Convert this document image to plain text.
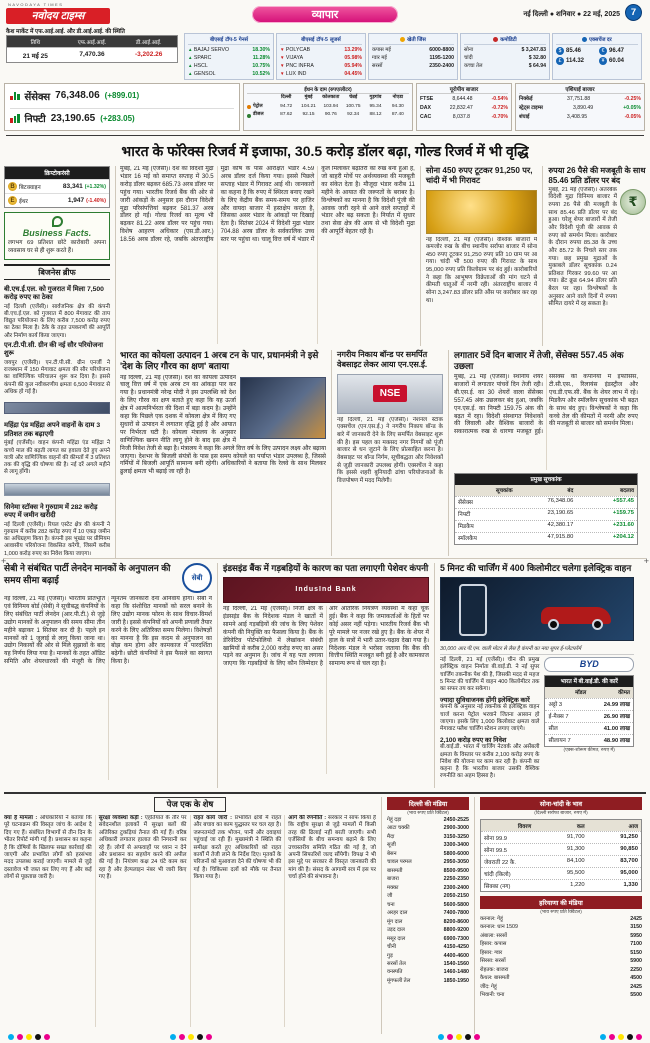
NAVODAYA TIMES
नवोदय टाइम्स
कैश मार्केट में एफ.आई.आई. और डी.आई.आई. की स्थिति
तिथि	एफ.आई.आई.	डी.आई.आई.
21 मई 25	7,470.36	-3,202.26
व्यापार	नई दिल्ली ● शनिवार ● 22 मई, 2025	7
बीएसई टॉप-5 गेनर्स
▲ BAJAJ SERVO	18.30%
▲ SPARC	11.28%
▲ HSCL	10.75%
▲ GENSOL	10.52%
बीएसई टॉप-5 लूजर्स
▼ POLYCAB	13.29%
▼ VIJAYA	05.98%
▼ PNC INFRA	05.94%
▼ LUX IND	04.45%
खेती जिंस
कपास मई	6000-8800
ग्वार मई	1195-1200
सरसों	2350-2400
कमोडिटी
सोना	$ 3,247.83
चांदी	$ 32.80
कच्चा तेल	$ 64.94
एक्सचेंज दर
$ 85.46	€ 96.47
£ 114.32	¥ 60.04
सेंसेक्स 76,348.06 (+899.01)
निफ्टी 23,190.65 (+283.05)
ईंधन के दाम (रुपए/लीटर)
दिल्ली	मुंबई	कोलकाता	चेन्नई	गुड़गांव	नोएडा
पेट्रोल	94.72	104.21	103.94	100.75	95.34	94.30
डीजल	87.62	92.15	90.76	92.34	88.12	87.40
यूरोपीय बाजार
FTSE	8,644.48	-0.54%
DAX	22,832.47	-0.72%
CAC	8,037.8	-0.70%
एशियाई बाजार
निक्केई	37,751.88	-0.25%
स्ट्रेट्स टाइम्स	3,890.49	+0.05%
शंघाई	3,408.95	-0.05%
भारत के फॉरेक्स रिजर्व में इजाफा, 30.5 करोड़ डॉलर बढ़ा, गोल्ड रिजर्व में भी वृद्धि
क्रिप्टोकरंसी
B बिटक्वाइन	83,341 (+1.32%)
E ईथर	1,947 (-1.40%)
Business Facts.
लगभग 69 प्रतिशत छोटे कारोबारी अपना व्यवसाय घर से ही शुरू करते हैं।
बिजनेस ब्रीफ
बी.एच.ई.एल. को गुजरात में मिला 7,500 करोड़ रुपए का ठेका
नई दिल्ली (एजेंसी)। सार्वजनिक क्षेत्र की कंपनी बी.एच.ई.एल. को गुजरात में 800 मेगावाट की ताप विद्युत परियोजना के लिए करीब 7,500 करोड़ रुपए का ठेका मिला है। ठेके के तहत उपकरणों की आपूर्ति और निर्माण कार्य किया जाएगा।
एन.टी.पी.सी. ग्रीन की नई सौर परियोजना शुरू
जयपुर (एजेंसी)। एन.टी.पी.सी. ग्रीन एनर्जी ने राजस्थान में 150 मेगावाट क्षमता की सौर परियोजना का वाणिज्यिक परिचालन शुरू कर दिया है। इससे कंपनी की कुल नवीकरणीय क्षमता 6,500 मेगावाट से अधिक हो गई है।
महिंद्रा एंड महिंद्रा अपने वाहनों के दाम 3 प्रतिशत तक बढ़ाएगी
मुंबई (एजेंसी)। वाहन कंपनी महिंद्रा एंड महिंद्रा ने कच्चे माल की बढ़ती लागत का हवाला देते हुए अपने यात्री और वाणिज्यिक वाहनों की कीमतों में 3 प्रतिशत तक की वृद्धि की घोषणा की है। नई दरें अगले महीने से लागू होंगी।
सिनेमा स्टॉक्स ने गुरुग्राम में 282 करोड़ रुपए में जमीन खरीदी
नई दिल्ली (एजेंसी)। रियल एस्टेट क्षेत्र की कंपनी ने गुरुग्राम में करीब 282 करोड़ रुपए में 10 एकड़ जमीन का अधिग्रहण किया है। कंपनी इस भूखंड पर प्रीमियम आवासीय परियोजना विकसित करेगी, जिसमें करीब 1,000 करोड़ रुपए का निवेश किया जाएगा।
मुंबई, 21 मई (एजेंसी)। देश का विदेशी मुद्रा भंडार 16 मई को समाप्त सप्ताह में 30.5 करोड़ डॉलर बढ़कर 685.73 अरब डॉलर पर पहुंच गया। भारतीय रिजर्व बैंक की ओर से जारी आंकड़ों के अनुसार इस दौरान विदेशी मुद्रा परिसंपत्तियां बढ़कर 581.37 अरब डॉलर हो गईं। गोल्ड रिजर्व का मूल्य भी बढ़कर 81.22 अरब डॉलर पर पहुंच गया। विशेष आहरण अधिकार (एस.डी.आर.) 18.56 अरब डॉलर रहे, जबकि अंतरराष्ट्रीय मुद्रा कोष के पास आरक्षित भंडार 4.59 अरब डॉलर दर्ज किया गया। इससे पिछले सप्ताह भंडार में गिरावट आई थी। जानकारों का कहना है कि रुपए में स्थिरता बनाए रखने के लिए केंद्रीय बैंक समय-समय पर हाजिर और वायदा बाजार में हस्तक्षेप करता है, जिसका असर भंडार के आंकड़ों पर दिखाई देता है। सितंबर 2024 में विदेशी मुद्रा भंडार 704.88 अरब डॉलर के सर्वकालिक उच्च स्तर पर पहुंचा था। चालू वित्त वर्ष में भंडार में कुल मिलाकर बढ़ोतरी का रुख बना हुआ है, जो बाहरी मोर्चे पर अर्थव्यवस्था की मजबूती का संकेत देता है। मौजूदा भंडार करीब 11 महीने के आयात की जरूरतों के बराबर है। विश्लेषकों का मानना है कि विदेशी पूंजी की आवक जारी रहने से आने वाले सप्ताहों में भंडार और बढ़ सकता है। निर्यात में सुधार तथा सेवा क्षेत्र की आय से भी विदेशी मुद्रा की आपूर्ति बेहतर रही है।
सोना 450 रुपए टूटकर 91,250 पर, चांदी में भी गिरावट
नई दिल्ली, 21 मई (एजेंसी)। वैश्विक बाजारों में कमजोर रुख के बीच स्थानीय सर्राफा बाजार में सोना 450 रुपए टूटकर 91,250 रुपए प्रति 10 ग्राम पर आ गया। चांदी भी 500 रुपए की गिरावट के साथ 95,000 रुपए प्रति किलोग्राम पर बंद हुई। कारोबारियों ने कहा कि आभूषण विक्रेताओं की मांग घटने से कीमती धातुओं में नरमी रही। अंतरराष्ट्रीय बाजार में सोना 3,247.83 डॉलर प्रति औंस पर कारोबार कर रहा था।
रुपया 26 पैसे की मजबूती के साथ 85.46 प्रति डॉलर पर बंद
₹
मुंबई, 21 मई (एजेंसी)। अंतरबैंक विदेशी मुद्रा विनिमय बाजार में रुपया 26 पैसे की मजबूती के साथ 85.46 प्रति डॉलर पर बंद हुआ। घरेलू शेयर बाजारों में तेजी और विदेशी पूंजी की आवक से रुपए को समर्थन मिला। कारोबार के दौरान रुपया 85.38 के उच्च और 85.72 के निचले स्तर तक गया। छह प्रमुख मुद्राओं के मुकाबले डॉलर सूचकांक 0.24 प्रतिशत गिरकर 99.60 पर आ गया। ब्रेंट क्रूड 64.94 डॉलर प्रति बैरल पर रहा। विश्लेषकों के अनुसार आने वाले दिनों में रुपया सीमित दायरे में रह सकता है।
भारत का कोयला उत्पादन 1 अरब टन के पार, प्रधानमंत्री ने इसे 'देश के लिए गौरव का क्षण' बताया
नई दिल्ली, 21 मई (एजेंसी)। देश का कोयला उत्पादन चालू वित्त वर्ष में एक अरब टन का आंकड़ा पार कर गया है। प्रधानमंत्री नरेन्द्र मोदी ने इस उपलब्धि को देश के लिए गौरव का क्षण बताते हुए कहा कि यह ऊर्जा क्षेत्र में आत्मनिर्भरता की दिशा में बड़ा कदम है। उन्होंने कहा कि पिछले एक दशक में कोयला क्षेत्र में किए गए सुधारों से उत्पादन में लगातार वृद्धि हुई है और आयात पर निर्भरता घटी है। कोयला मंत्रालय के अनुसार वाणिज्यिक खनन नीति लागू होने के बाद इस क्षेत्र में निजी निवेश तेजी से बढ़ा है। मंत्रालय ने कहा कि अगले वित्त वर्ष के लिए उत्पादन लक्ष्य और बढ़ाया जाएगा। देशभर के बिजली संयंत्रों के पास इस समय कोयले का पर्याप्त भंडार उपलब्ध है, जिससे गर्मियों में बिजली आपूर्ति सामान्य बनी रहेगी। अधिकारियों ने बताया कि रेलवे के साथ मिलकर ढुलाई क्षमता भी बढ़ाई जा रही है।
नगरीय निकाय बॉन्ड पर समर्पित वेबसाइट लेकर आया एन.एस.ई.
NSE
नई दिल्ली, 21 मई (एजेंसी)। नेशनल स्टॉक एक्सचेंज (एन.एस.ई.) ने नगरीय निकाय बॉन्ड के बारे में जानकारी देने के लिए समर्पित वेबसाइट शुरू की है। इस पहल का मकसद नगर निगमों को पूंजी बाजार से धन जुटाने के लिए प्रोत्साहित करना है। वेबसाइट पर बॉन्ड निर्गम, सूचीबद्धता और निवेशकों से जुड़ी जानकारी उपलब्ध होगी। एक्सचेंज ने कहा कि इससे शहरी बुनियादी ढांचा परियोजनाओं के वित्तपोषण में मदद मिलेगी।
लगातार 5वें दिन बाजार में तेजी, सेंसेक्स 557.45 अंक उछला
मुंबई, 21 मई (एजेंसी)। स्थानीय शेयर बाजारों में लगातार पांचवें दिन तेजी रही। बी.एस.ई. का 30 शेयरों वाला सेंसेक्स 557.45 अंक उछलकर बंद हुआ, जबकि एन.एस.ई. का निफ्टी 159.75 अंक की बढ़त में रहा। विदेशी संस्थागत निवेशकों की लिवाली और वैश्विक बाजारों के सकारात्मक रुख से धारणा मजबूत हुई। सेंसेक्स की कंपनियों में इंफोसिस, टी.सी.एस., रिलायंस इंडस्ट्रीज और एच.डी.एफ.सी. बैंक के शेयर लाभ में रहे। मिडकैप और स्मॉलकैप सूचकांक भी बढ़त के साथ बंद हुए। विश्लेषकों ने कहा कि कच्चे तेल की कीमतों में नरमी और रुपए की मजबूती से बाजार को समर्थन मिला।
प्रमुख सूचकांक
सूचकांक	बंद	बदलाव
सेंसेक्स	76,348.06	+557.45
निफ्टी	23,190.65	+159.75
मिडकैप	42,380.17	+231.60
स्मॉलकैप	47,915.80	+204.12
सेबी ने संबंधित पार्टी लेनदेन मानकों के अनुपालन की समय सीमा बढ़ाई	सेबी
नई दिल्ली, 21 मई (एजेंसी)। भारतीय प्रतिभूति एवं विनिमय बोर्ड (सेबी) ने सूचीबद्ध कंपनियों के लिए संबंधित पार्टी लेनदेन (आर.पी.टी.) से जुड़े उद्योग मानकों के अनुपालन की समय सीमा तीन महीने बढ़ाकर 1 सितंबर कर दी है। पहले इन मानकों को 1 जुलाई से लागू किया जाना था। उद्योग निकायों की ओर से मिले सुझावों के बाद यह निर्णय लिया गया है। मानकों के तहत ऑडिट समिति और शेयरधारकों की मंजूरी के लिए न्यूनतम जानकारी देना अनिवार्य होगा। सेबी ने कहा कि संशोधित मानकों को सरल बनाने के लिए उद्योग मानक फोरम के साथ विचार-विमर्श जारी है। इससे कंपनियों को अपनी प्रणाली तैयार करने के लिए अतिरिक्त समय मिलेगा। विशेषज्ञों का मानना है कि इस कदम से अनुपालन का बोझ कम होगा और कामकाज में पारदर्शिता बढ़ेगी। छोटी कंपनियों ने इस फैसले का स्वागत किया है।
इंडसइंड बैंक में गड़बड़ियों के कारण का पता लगाएगी पेशेवर कंपनी
IndusInd Bank
नई दिल्ली, 21 मई (एजेंसी)। निजी क्षेत्र के इंडसइंड बैंक के निदेशक मंडल ने खातों में सामने आई गड़बड़ियों की जांच के लिए पेशेवर कंपनी की नियुक्ति का फैसला किया है। बैंक के डेरिवेटिव पोर्टफोलियो में लेखांकन संबंधी खामियों से करीब 2,000 करोड़ रुपए का असर पड़ने का अनुमान है। जांच में यह पता लगाया जाएगा कि गड़बड़ियों के लिए कौन जिम्मेदार है और आंतरिक नियंत्रण व्यवस्था में कहां चूक हुई। बैंक ने कहा कि जमाकर्ताओं के हितों पर कोई असर नहीं पड़ेगा। भारतीय रिजर्व बैंक भी पूरे मामले पर नजर रखे हुए है। बैंक के शेयर में हाल के सत्रों में भारी उतार-चढ़ाव देखा गया है। निदेशक मंडल ने भरोसा जताया कि बैंक की वित्तीय स्थिति मजबूत बनी हुई है और कामकाज सामान्य रूप से चल रहा है।
5 मिनट की चार्जिंग में 400 किलोमीटर चलेगा इलेक्ट्रिक वाहन
30,000 आर.पी.एम. वाली मोटर से लैस है कंपनी का नया सुपर ई-प्लेटफॉर्म
नई दिल्ली, 21 मई (एजेंसी)। चीन की प्रमुख इलेक्ट्रिक वाहन निर्माता बी.वाई.डी. ने नई सुपर चार्जिंग तकनीक पेश की है, जिसकी मदद से महज 5 मिनट की चार्जिंग में वाहन 400 किलोमीटर तक का सफर तय कर सकेगा।
ज्यादा सुविधाजनक होंगी इलेक्ट्रिक कारें
कंपनी के अनुसार नई तकनीक से इलेक्ट्रिक वाहन चार्ज करना पेट्रोल भरवाने जितना आसान हो जाएगा। इसके लिए 1,000 किलोवाट क्षमता वाले मेगावाट फ्लैश चार्जिंग स्टेशन लगाए जाएंगे।
2,100 करोड़ रुपए का निवेश
बी.वाई.डी. भारत में चार्जिंग नेटवर्क और असेंबली क्षमता के विस्तार पर करीब 2,100 करोड़ रुपए के निवेश की योजना पर काम कर रही है। कंपनी का कहना है कि भारतीय बाजार उसकी वैश्विक रणनीति का अहम हिस्सा है।
BYD
भारत में बी.वाई.डी. की कारें
मॉडल	कीमत
अट्टो 3	24.99 लाख
ई-मैक्स 7	26.90 लाख
सील	41.00 लाख
सीलायन 7	48.90 लाख
(एक्स-शोरूम कीमत, रुपए में)
पेज एक के शेष

क्या है मामला : अधिकारियों ने बताया कि पूरे घटनाक्रम की विस्तृत जांच के आदेश दे दिए गए हैं। संबंधित विभागों से तीन दिन के भीतर रिपोर्ट मांगी गई है। प्रशासन का कहना है कि दोषियों के खिलाफ सख्त कार्रवाई की जाएगी और प्रभावित लोगों को हरसंभव मदद उपलब्ध कराई जाएगी। मामले से जुड़े दस्तावेज भी जब्त कर लिए गए हैं और कई लोगों से पूछताछ जारी है।

सुरक्षा व्यवस्था कड़ी : एहतियात के तौर पर संवेदनशील इलाकों में सुरक्षा बलों की अतिरिक्त टुकड़ियां तैनात की गई हैं। वरिष्ठ अधिकारी लगातार हालात की निगरानी कर रहे हैं। लोगों से अफवाहों पर ध्यान न देने और प्रशासन का सहयोग करने की अपील की गई है। नियंत्रण कक्ष 24 घंटे काम कर रहा है और हेल्पलाइन नंबर भी जारी किए गए हैं।

राहत कार्य जारी : प्रभावित क्षेत्रों में राहत और बचाव का काम युद्धस्तर पर चल रहा है। जरूरतमंदों तक भोजन, पानी और दवाइयां पहुंचाई जा रही हैं। मुख्यमंत्री ने स्थिति की समीक्षा करते हुए अधिकारियों को राहत कार्यों में तेजी लाने के निर्देश दिए। मृतकों के परिजनों को मुआवजा देने की घोषणा भी की गई है। चिकित्सा दलों को मौके पर तैनात किया गया है।

आगे की रणनीति : सरकार ने साफ किया है कि राष्ट्रीय सुरक्षा से जुड़े मामलों में किसी तरह की ढिलाई नहीं बरती जाएगी। सभी एजेंसियों के बीच समन्वय बढ़ाने के लिए उच्चस्तरीय समिति गठित की गई है, जो अपनी सिफारिशें जल्द सौंपेगी। विपक्ष ने भी इस मुद्दे पर सरकार से विस्तृत जानकारी की मांग की है। संसद के आगामी सत्र में इस पर चर्चा होने की संभावना है।

दिल्ली की मंडिया
(भाव रुपए प्रति क्विंटल)
गेहूं दड़ा	2450-2525
आटा चक्की	2900-3000
मैदा	3150-3250
सूजी	3300-3400
बेसन	5800-6000
चावल परमल	2950-3050
बासमती	8500-9500
बाजरा	2250-2350
मक्का	2300-2400
जौ	2050-2150
चना	5600-5800
अरहर दाल	7400-7800
मूंग दाल	8200-8600
उड़द दाल	8800-9200
मसूर दाल	6900-7300
चीनी	4150-4250
गुड़	4400-4600
सरसों तेल	1540-1560
वनस्पति	1460-1480
मूंगफली तेल	1850-1950
सोना-चांदी के भाव
(दिल्ली सर्राफा बाजार, रुपए में)
विवरण	कल	आज
सोना 99.9	91,700	91,250
सोना 99.5	91,300	90,850
जेवराती 22 कै.	84,100	83,700
चांदी (किलो)	95,500	95,000
सिक्का (नग)	1,220	1,330
हरियाणा की मंडिया
(भाव रुपए प्रति क्विंटल)
करनाल: गेहूं	2425
करनाल: धान 1509	3150
अंबाला: सरसों	5950
हिसार: कपास	7100
हिसार: ग्वार	5150
सिरसा: सरसों	5900
रोहतक: बाजरा	2250
कैथल: बासमती	4500
जींद: गेहूं	2425
भिवानी: चना	5500
+	+
